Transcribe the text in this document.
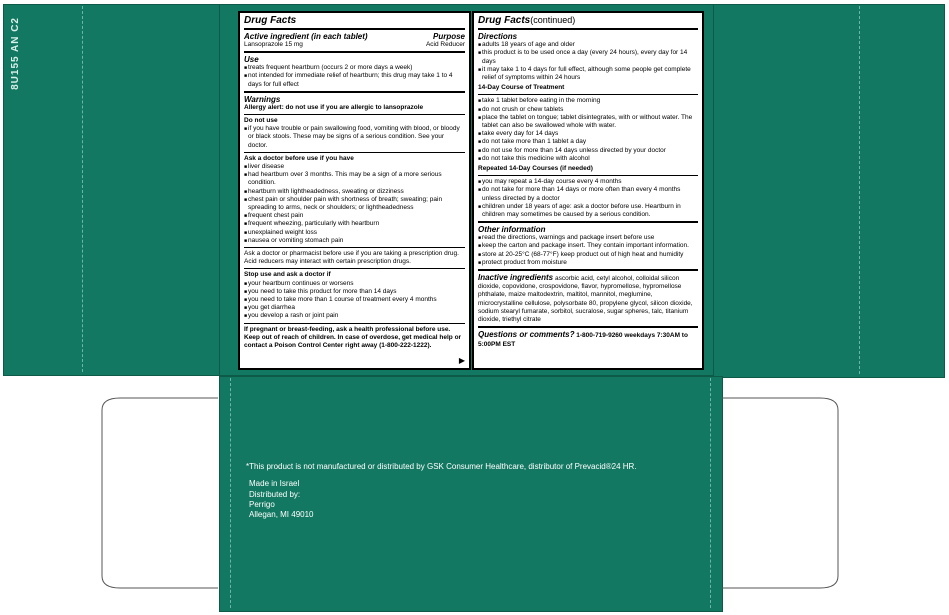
8U155 AN C2	Drug Facts
Active ingredient (in each tablet)	Purpose
Lansoprazole 15 mg	Acid Reducer
Use
■ treats frequent heartburn (occurs 2 or more days a week)
■ not intended for immediate relief of heartburn; this drug may take 1 to 4 days for full effect
Warnings
Allergy alert: do not use if you are allergic to lansoprazole
Do not use
■ if you have trouble or pain swallowing food, vomiting with blood, or bloody or black stools. These may be signs of a serious condition. See your doctor.
Ask a doctor before use if you have
■ liver disease
■ had heartburn over 3 months. This may be a sign of a more serious condition.
■ heartburn with lightheadedness, sweating or dizziness
■ chest pain or shoulder pain with shortness of breath; sweating; pain spreading to arms, neck or shoulders; or lightheadedness
■ frequent chest pain
■ frequent wheezing, particularly with heartburn
■ unexplained weight loss
■ nausea or vomiting stomach pain
Ask a doctor or pharmacist before use if you are taking a prescription drug. Acid reducers may interact with certain prescription drugs.
Stop use and ask a doctor if
■ your heartburn continues or worsens
■ you need to take this product for more than 14 days
■ you need to take more than 1 course of treatment every 4 months
■ you get diarrhea
■ you develop a rash or joint pain
If pregnant or breast-feeding, ask a health professional before use.
Keep out of reach of children. In case of overdose, get medical help or contact a Poison Control Center right away (1-800-222-1222).
▶
Drug Facts(continued)
Directions
■ adults 18 years of age and older
■ this product is to be used once a day (every 24 hours), every day for 14 days
■ it may take 1 to 4 days for full effect, although some people get complete relief of symptoms within 24 hours
14-Day Course of Treatment
■ take 1 tablet before eating in the morning
■ do not crush or chew tablets
■ place the tablet on tongue; tablet disintegrates, with or without water. The tablet can also be swallowed whole with water.
■ take every day for 14 days
■ do not take more than 1 tablet a day
■ do not use for more than 14 days unless directed by your doctor
■ do not take this medicine with alcohol
Repeated 14-Day Courses (if needed)
■ you may repeat a 14-day course every 4 months
■ do not take for more than 14 days or more often than every 4 months unless directed by a doctor
■ children under 18 years of age: ask a doctor before use. Heartburn in children may sometimes be caused by a serious condition.
Other information
■ read the directions, warnings and package insert before use
■ keep the carton and package insert. They contain important information.
■ store at 20-25°C (68-77°F) keep product out of high heat and humidity
■ protect product from moisture
Inactive ingredients ascorbic acid, cetyl alcohol, colloidal silicon dioxide, copovidone, crospovidone, flavor, hypromellose, hypromellose phthalate, maize maltodextrin, maltitol, mannitol, meglumine, microcrystalline cellulose, polysorbate 80, propylene glycol, silicon dioxide, sodium stearyl fumarate, sorbitol, sucralose, sugar spheres, talc, titanium dioxide, triethyl citrate
Questions or comments? 1-800-719-9260 weekdays 7:30AM to 5:00PM EST
*This product is not manufactured or distributed by GSK Consumer Healthcare, distributor of Prevacid®24 HR.
Made in Israel
Distributed by:
Perrigo
Allegan, MI 49010
